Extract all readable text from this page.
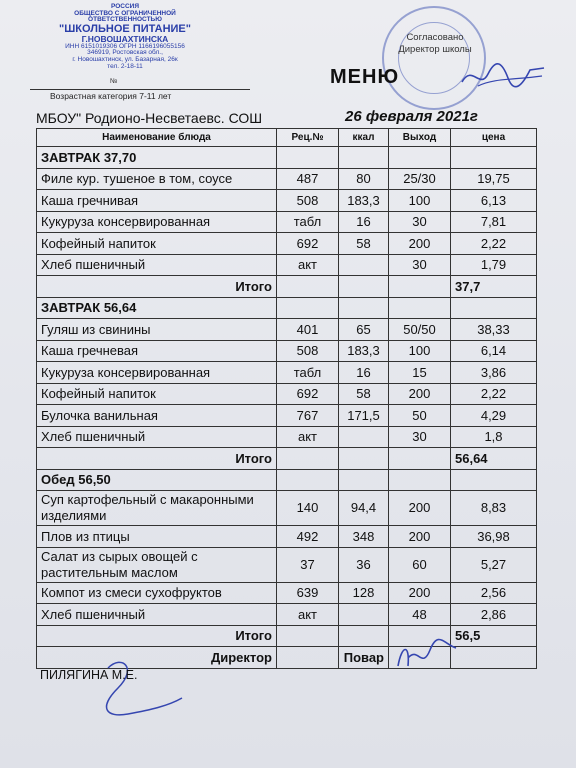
РОССИЯ
ОБЩЕСТВО С ОГРАНИЧЕННОЙ
ОТВЕТСТВЕННОСТЬЮ
"ШКОЛЬНОЕ ПИТАНИЕ"
Г.НОВОШАХТИНСКА
ИНН 6151019306 ОГРН 1166196055156
346919, Ростовская обл.,
г. Новошахтинск, ул. Базарная, 26к
тел. 2-18-11
№
Возрастная категория 7-11 лет
Согласовано Директор школы
МЕНЮ
МБОУ" Родионо-Несветаевс. СОШ	26 февраля 2021г
Наименование блюда	Рец.№	ккал	Выход	цена
ЗАВТРАК 37,70				
Филе кур. тушеное в том, соусе	487	80	25/30	19,75
Каша гречнивая	508	183,3	100	6,13
Кукуруза консервированная	табл	16	30	7,81
Кофейный напиток	692	58	200	2,22
Хлеб пшеничный	акт		30	1,79
Итого				37,7
ЗАВТРАК 56,64				
Гуляш из свинины	401	65	50/50	38,33
Каша гречневая	508	183,3	100	6,14
Кукуруза консервированная	табл	16	15	3,86
Кофейный напиток	692	58	200	2,22
Булочка ванильная	767	171,5	50	4,29
Хлеб пшеничный	акт		30	1,8
Итого				56,64
Обед 56,50				
Суп картофельный с макаронными изделиями	140	94,4	200	8,83
Плов из птицы	492	348	200	36,98
Салат из сырых овощей с растительным маслом	37	36	60	5,27
Компот из смеси сухофруктов	639	128	200	2,56
Хлеб пшеничный	акт		48	2,86
Итого				56,5
Директор		Повар		
ПИЛЯГИНА М.Е.
